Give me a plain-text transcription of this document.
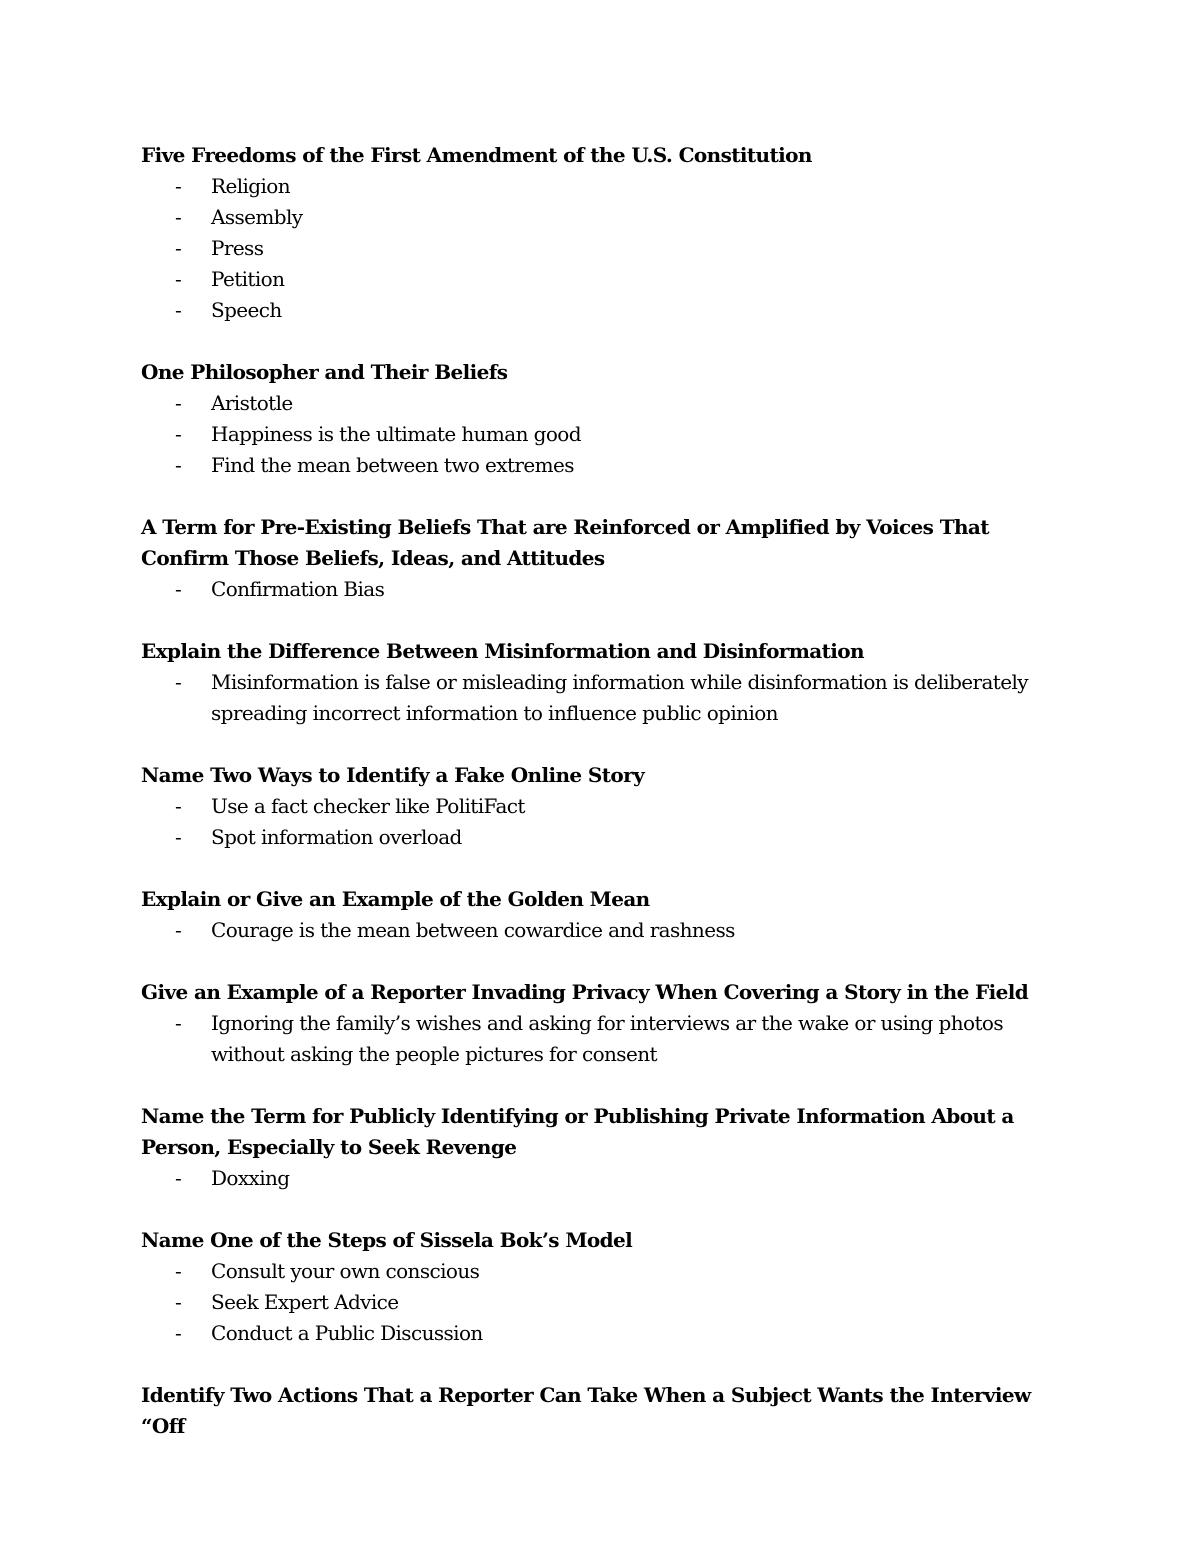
Five Freedoms of the First Amendment of the U.S. Constitution

- Religion
- Assembly
- Press
- Petition
- Speech

One Philosopher and Their Beliefs

- Aristotle
- Happiness is the ultimate human good
- Find the mean between two extremes

A Term for Pre-Existing Beliefs That are Reinforced or Amplified by Voices That Confirm Those Beliefs, Ideas, and Attitudes

- Confirmation Bias

Explain the Difference Between Misinformation and Disinformation

- Misinformation is false or misleading information while disinformation is deliberately spreading incorrect information to influence public opinion

Name Two Ways to Identify a Fake Online Story

- Use a fact checker like PolitiFact
- Spot information overload

Explain or Give an Example of the Golden Mean

- Courage is the mean between cowardice and rashness

Give an Example of a Reporter Invading Privacy When Covering a Story in the Field

- Ignoring the family’s wishes and asking for interviews ar the wake or using photos without asking the people pictures for consent

Name the Term for Publicly Identifying or Publishing Private Information About a Person, Especially to Seek Revenge

- Doxxing

Name One of the Steps of Sissela Bok’s Model

- Consult your own conscious
- Seek Expert Advice
- Conduct a Public Discussion

Identify Two Actions That a Reporter Can Take When a Subject Wants the Interview “Off
